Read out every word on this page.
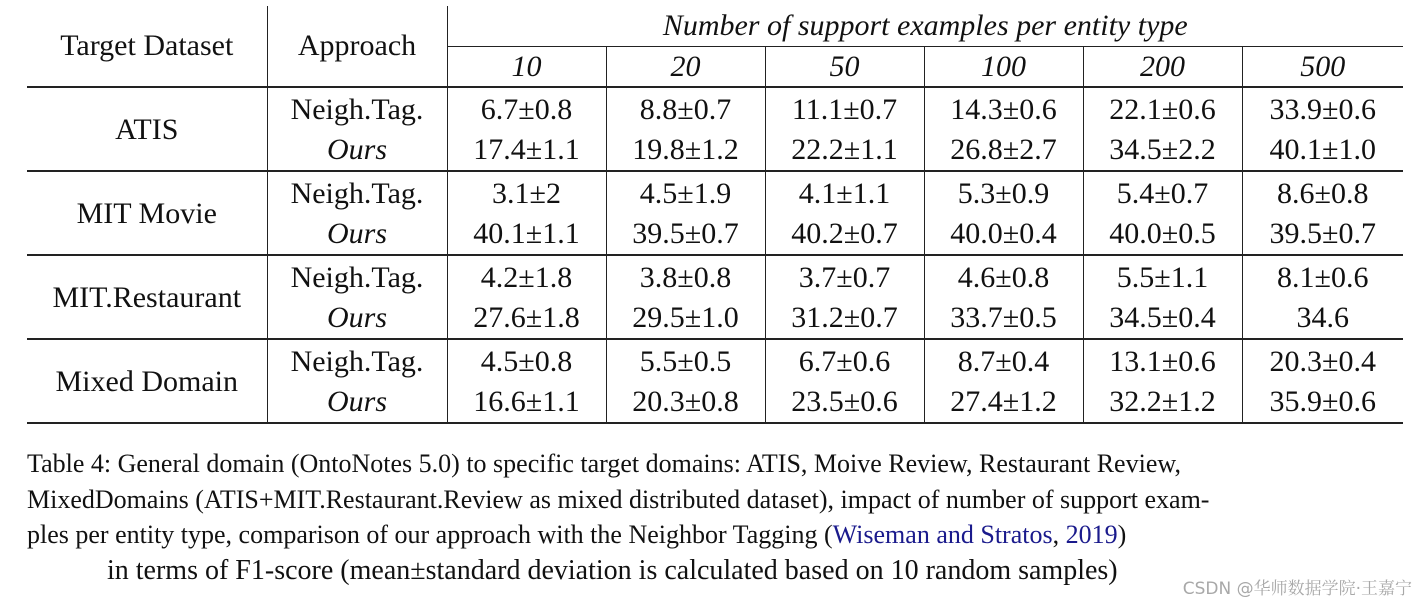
Target Dataset	Approach	Number of support examples per entity type					
		10	20	50	100	200	500
ATIS	Neigh.Tag.	6.7±0.8	8.8±0.7	11.1±0.7	14.3±0.6	22.1±0.6	33.9±0.6
	Ours	17.4±1.1	19.8±1.2	22.2±1.1	26.8±2.7	34.5±2.2	40.1±1.0
MIT Movie	Neigh.Tag.	3.1±2	4.5±1.9	4.1±1.1	5.3±0.9	5.4±0.7	8.6±0.8
	Ours	40.1±1.1	39.5±0.7	40.2±0.7	40.0±0.4	40.0±0.5	39.5±0.7
MIT.Restaurant	Neigh.Tag.	4.2±1.8	3.8±0.8	3.7±0.7	4.6±0.8	5.5±1.1	8.1±0.6
	Ours	27.6±1.8	29.5±1.0	31.2±0.7	33.7±0.5	34.5±0.4	34.6
Mixed Domain	Neigh.Tag.	4.5±0.8	5.5±0.5	6.7±0.6	8.7±0.4	13.1±0.6	20.3±0.4
	Ours	16.6±1.1	20.3±0.8	23.5±0.6	27.4±1.2	32.2±1.2	35.9±0.6
Table 4: General domain (OntoNotes 5.0) to specific target domains: ATIS, Moive Review, Restaurant Review,
MixedDomains (ATIS+MIT.Restaurant.Review as mixed distributed dataset), impact of number of support exam-
ples per entity type, comparison of our approach with the Neighbor Tagging (Wiseman and Stratos, 2019)
in terms of F1-score (mean±standard deviation is calculated based on 10 random samples)
CSDN @华师数据学院·王嘉宁
